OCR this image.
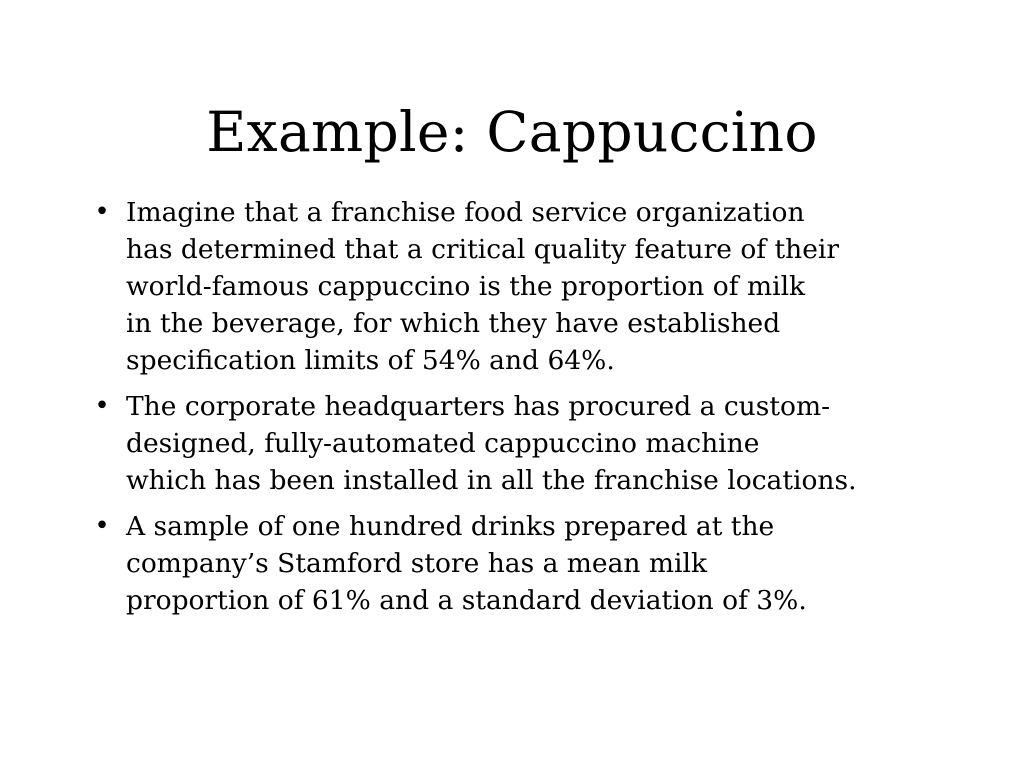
Example: Cappuccino
• Imagine that a franchise food service organization
has determined that a critical quality feature of their
world-famous cappuccino is the proportion of milk
in the beverage, for which they have established
specification limits of 54% and 64%.
• The corporate headquarters has procured a custom-
designed, fully-automated cappuccino machine
which has been installed in all the franchise locations.
• A sample of one hundred drinks prepared at the
company’s Stamford store has a mean milk
proportion of 61% and a standard deviation of 3%.
